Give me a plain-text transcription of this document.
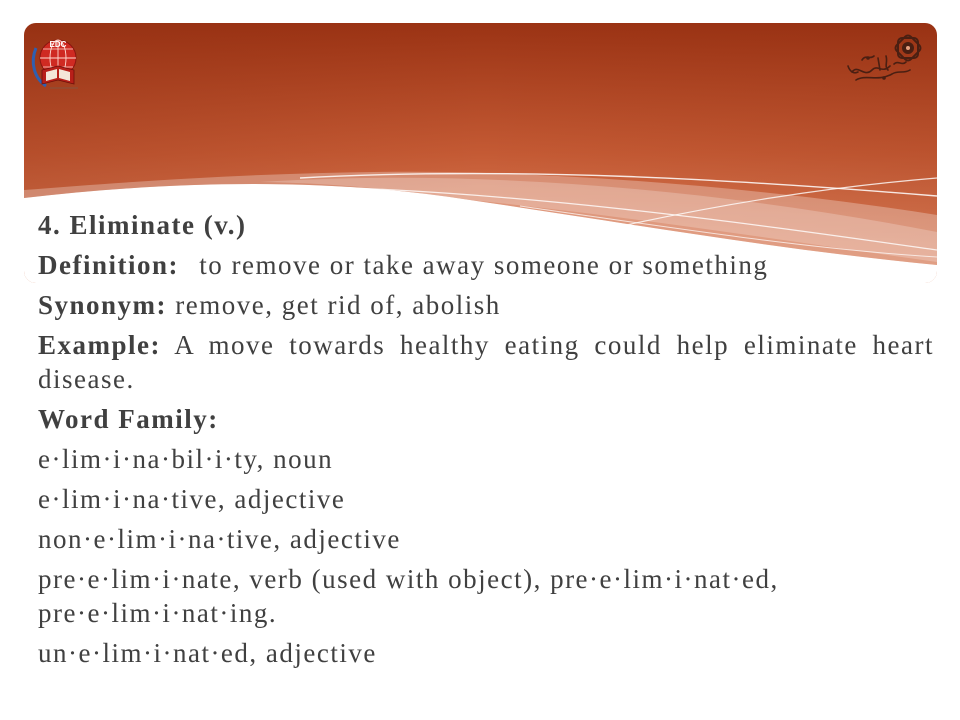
EDC

4. Eliminate (v.)

Definition: to remove or take away someone or something

Synonym: remove, get rid of, abolish

Example: A move towards healthy eating could help eliminate heart disease.

Word Family:

e·lim·i·na·bil·i·ty, noun

e·lim·i·na·tive, adjective

non·e·lim·i·na·tive, adjective

pre·e·lim·i·nate, verb (used with object), pre·e·lim·i·nat·ed, pre·e·lim·i·nat·ing.

un·e·lim·i·nat·ed, adjective
